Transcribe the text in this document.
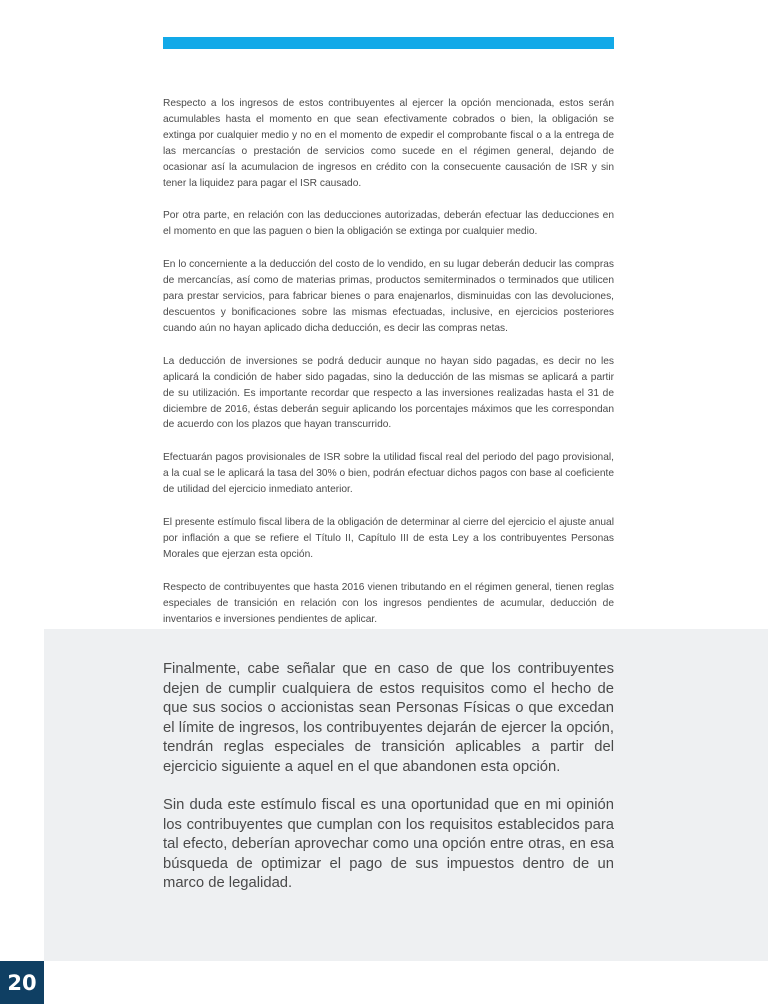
Respecto a los ingresos de estos contribuyentes al ejercer la opción mencionada, estos serán acumulables hasta el momento en que sean efectivamente cobrados o bien, la obligación se extinga por cualquier medio y no en el momento de expedir el comprobante fiscal o a la entrega de las mercancías o prestación de servicios como sucede en el régimen general, dejando de ocasionar así la acumulacion de ingresos en crédito con la consecuente causación de ISR y sin tener la liquidez para pagar el ISR causado.

Por otra parte, en relación con las deducciones autorizadas, deberán efectuar las deducciones en el momento en que las paguen o bien la obligación se extinga por cualquier medio.

En lo concerniente a la deducción del costo de lo vendido, en su lugar deberán deducir las compras de mercancías, así como de materias primas, productos semiterminados o terminados que utilicen para prestar servicios, para fabricar bienes o para enajenarlos, disminuidas con las devoluciones, descuentos y bonificaciones sobre las mismas efectuadas, inclusive, en ejercicios posteriores cuando aún no hayan aplicado dicha deducción, es decir las compras netas.

La deducción de inversiones se podrá deducir aunque no hayan sido pagadas, es decir no les aplicará la condición de haber sido pagadas, sino la deducción de las mismas se aplicará a partir de su utilización. Es importante recordar que respecto a las inversiones realizadas hasta el 31 de diciembre de 2016, éstas deberán seguir aplicando los porcentajes máximos que les correspondan de acuerdo con los plazos que hayan transcurrido.

Efectuarán pagos provisionales de ISR sobre la utilidad fiscal real del periodo del pago provisional, a la cual se le aplicará la tasa del 30% o bien, podrán efectuar dichos pagos con base al coeficiente de utilidad del ejercicio inmediato anterior.

El presente estímulo fiscal libera de la obligación de determinar al cierre del ejercicio el ajuste anual por inflación a que se refiere el Título II, Capítulo III de esta Ley a los contribuyentes Personas Morales que ejerzan esta opción.

Respecto de contribuyentes que hasta 2016 vienen tributando en el régimen general, tienen reglas especiales de transición en relación con los ingresos pendientes de acumular, deducción de inventarios e inversiones pendientes de aplicar.

Finalmente, cabe señalar que en caso de que los contribuyentes dejen de cumplir cualquiera de estos requisitos como el hecho de que sus socios o accionistas sean Personas Físicas o que excedan el límite de ingresos, los contribuyentes dejarán de ejercer la opción, tendrán reglas especiales de transición aplicables a partir del ejercicio siguiente a aquel en el que abandonen esta opción.

Sin duda este estímulo fiscal es una oportunidad que en mi opinión los contribuyentes que cumplan con los requisitos establecidos para tal efecto, deberían aprovechar como una opción entre otras, en esa búsqueda de optimizar el pago de sus impuestos dentro de un marco de legalidad.

20
